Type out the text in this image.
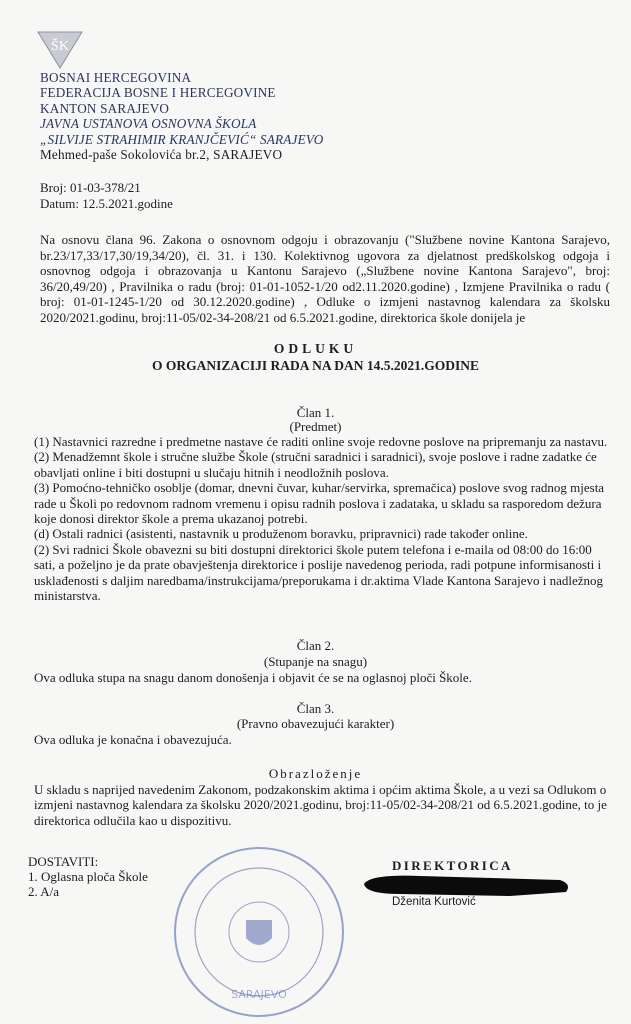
ŠK
BOSNAI HERCEGOVINA
FEDERACIJA BOSNE I HERCEGOVINE
KANTON SARAJEVO
JAVNA USTANOVA OSNOVNA ŠKOLA
„SILVIJE STRAHIMIR KRANJČEVIĆ“ SARAJEVO
Mehmed-paše Sokolovića br.2, SARAJEVO
Broj: 01-03-378/21
Datum: 12.5.2021.godine
Na osnovu člana 96. Zakona o osnovnom odgoju i obrazovanju ("Službene novine Kantona Sarajevo, br.23/17,33/17,30/19,34/20), čl. 31. i 130. Kolektivnog ugovora za djelatnost predškolskog odgoja i osnovnog odgoja i obrazovanja u Kantonu Sarajevo („Službene novine Kantona Sarajevo", broj: 36/20,49/20) , Pravilnika o radu (broj: 01-01-1052-1/20 od2.11.2020.godine) , Izmjene Pravilnika o radu ( broj: 01-01-1245-1/20 od 30.12.2020.godine) , Odluke o izmjeni nastavnog kalendara za školsku 2020/2021.godinu, broj:11-05/02-34-208/21 od 6.5.2021.godine, direktorica škole donijela je
ODLUKU
O ORGANIZACIJI RADA NA DAN 14.5.2021.GODINE
Član 1.
(Predmet)

(1) Nastavnici razredne i predmetne nastave će raditi online svoje redovne poslove na pripremanju za nastavu.

(2) Menadžemnt škole i stručne službe Škole (stručni saradnici i saradnici), svoje poslove i radne zadatke će obavljati online i biti dostupni u slučaju hitnih i neodložnih poslova.

(3) Pomoćno-tehničko osoblje (domar, dnevni čuvar, kuhar/servirka, spremačica) poslove svog radnog mjesta rade u Školi po redovnom radnom vremenu i opisu radnih poslova i zadataka, u skladu sa rasporedom dežura koje donosi direktor škole a prema ukazanoj potrebi.

(d) Ostali radnici (asistenti, nastavnik u produženom boravku, pripravnici) rade također online.

(2) Svi radnici Škole obavezni su biti dostupni direktorici škole putem telefona i e-maila od 08:00 do 16:00 sati, a poželjno je da prate obavještenja direktorice i poslije navedenog perioda, radi potpune informisanosti i usklađenosti s daljim naredbama/instrukcijama/preporukama i dr.aktima Vlade Kantona Sarajevo i nadležnog ministarstva.

Član 2.
(Stupanje na snagu)

Ova odluka stupa na snagu danom donošenja i objavit će se na oglasnoj ploči Škole.

Član 3.
(Pravno obavezujući karakter)

Ova odluka je konačna i obavezujuća.

Obrazloženje

U skladu s naprijed navedenim Zakonom, podzakonskim aktima i općim aktima Škole, a u vezi sa Odlukom o izmjeni nastavnog kalendara za školsku 2020/2021.godinu, broj:11-05/02-34-208/21 od 6.5.2021.godine, to je direktorica odlučila kao u dispozitivu.

SARAJEVO
DOSTAVITI:
1. Oglasna ploča Škole
2. A/a
DIREKTORICA
Dženita Kurtović
